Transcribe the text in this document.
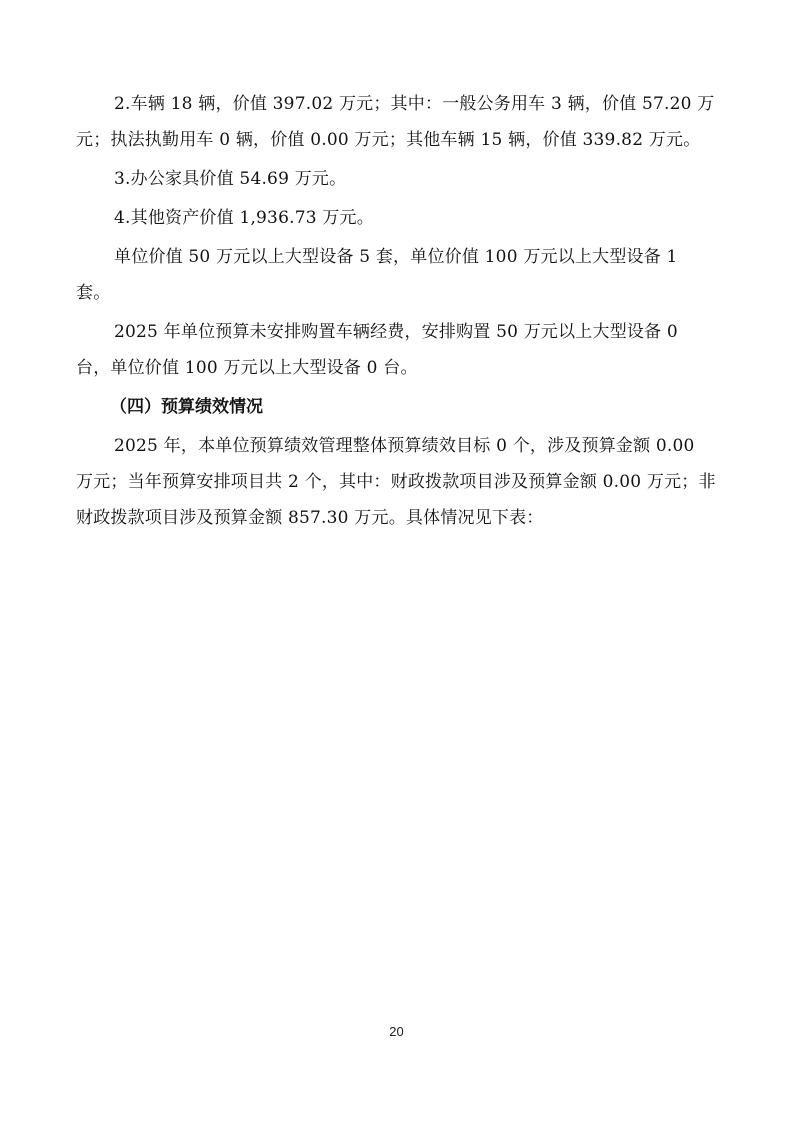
2.车辆 18 辆，价值 397.02 万元；其中：一般公务用车 3 辆，价值 57.20 万元；执法执勤用车 0 辆，价值 0.00 万元；其他车辆 15 辆，价值 339.82 万元。

3.办公家具价值 54.69 万元。

4.其他资产价值 1,936.73 万元。

单位价值 50 万元以上大型设备 5 套，单位价值 100 万元以上大型设备 1 套。

2025 年单位预算未安排购置车辆经费，安排购置 50 万元以上大型设备 0 台，单位价值 100 万元以上大型设备 0 台。

（四）预算绩效情况

2025 年，本单位预算绩效管理整体预算绩效目标 0 个，涉及预算金额 0.00 万元；当年预算安排项目共 2 个，其中：财政拨款项目涉及预算金额 0.00 万元；非财政拨款项目涉及预算金额 857.30 万元。具体情况见下表：

20
